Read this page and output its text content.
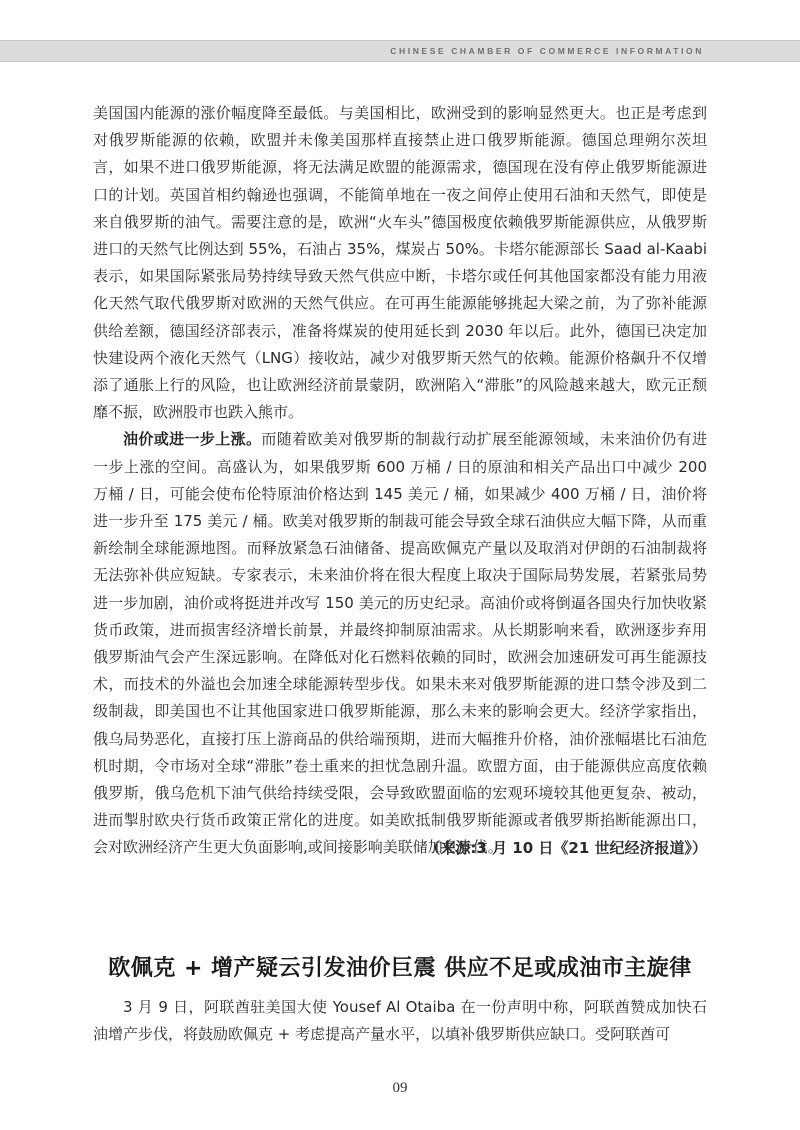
CHINESE CHAMBER OF COMMERCE INFORMATION

美国国内能源的涨价幅度降至最低。与美国相比，欧洲受到的影响显然更大。也正是考虑到对俄罗斯能源的依赖，欧盟并未像美国那样直接禁止进口俄罗斯能源。德国总理朔尔茨坦言，如果不进口俄罗斯能源，将无法满足欧盟的能源需求，德国现在没有停止俄罗斯能源进口的计划。英国首相约翰逊也强调，不能简单地在一夜之间停止使用石油和天然气，即使是来自俄罗斯的油气。需要注意的是，欧洲“火车头”德国极度依赖俄罗斯能源供应，从俄罗斯进口的天然气比例达到 55%，石油占 35%，煤炭占 50%。卡塔尔能源部长 Saad al-Kaabi 表示，如果国际紧张局势持续导致天然气供应中断，卡塔尔或任何其他国家都没有能力用液化天然气取代俄罗斯对欧洲的天然气供应。在可再生能源能够挑起大梁之前，为了弥补能源供给差额，德国经济部表示，准备将煤炭的使用延长到 2030 年以后。此外，德国已决定加快建设两个液化天然气（LNG）接收站，减少对俄罗斯天然气的依赖。能源价格飙升不仅增添了通胀上行的风险，也让欧洲经济前景蒙阴，欧洲陷入“滞胀”的风险越来越大，欧元正颓靡不振，欧洲股市也跌入熊市。

油价或进一步上涨。而随着欧美对俄罗斯的制裁行动扩展至能源领域，未来油价仍有进一步上涨的空间。高盛认为，如果俄罗斯 600 万桶 / 日的原油和相关产品出口中减少 200 万桶 / 日，可能会使布伦特原油价格达到 145 美元 / 桶，如果减少 400 万桶 / 日，油价将进一步升至 175 美元 / 桶。欧美对俄罗斯的制裁可能会导致全球石油供应大幅下降，从而重新绘制全球能源地图。而释放紧急石油储备、提高欧佩克产量以及取消对伊朗的石油制裁将无法弥补供应短缺。专家表示，未来油价将在很大程度上取决于国际局势发展，若紧张局势进一步加剧，油价或将挺进并改写 150 美元的历史纪录。高油价或将倒逼各国央行加快收紧货币政策，进而损害经济增长前景，并最终抑制原油需求。从长期影响来看，欧洲逐步弃用俄罗斯油气会产生深远影响。在降低对化石燃料依赖的同时，欧洲会加速研发可再生能源技术，而技术的外溢也会加速全球能源转型步伐。如果未来对俄罗斯能源的进口禁令涉及到二级制裁，即美国也不让其他国家进口俄罗斯能源，那么未来的影响会更大。经济学家指出，俄乌局势恶化，直接打压上游商品的供给端预期，进而大幅推升价格，油价涨幅堪比石油危机时期，令市场对全球“滞胀”卷土重来的担忧急剧升温。欧盟方面，由于能源供应高度依赖俄罗斯，俄乌危机下油气供给持续受限，会导致欧盟面临的宏观环境较其他更复杂、被动，进而掣肘欧央行货币政策正常化的进度。如美欧抵制俄罗斯能源或者俄罗斯掐断能源出口，会对欧洲经济产生更大负面影响,或间接影响美联储加息步伐。

（来源:3 月 10 日《21 世纪经济报道》）
欧佩克 + 增产疑云引发油价巨震 供应不足或成油市主旋律

3 月 9 日，阿联酋驻美国大使 Yousef Al Otaiba 在一份声明中称，阿联酋赞成加快石油增产步伐，将鼓励欧佩克 + 考虑提高产量水平，以填补俄罗斯供应缺口。受阿联酋可

09
